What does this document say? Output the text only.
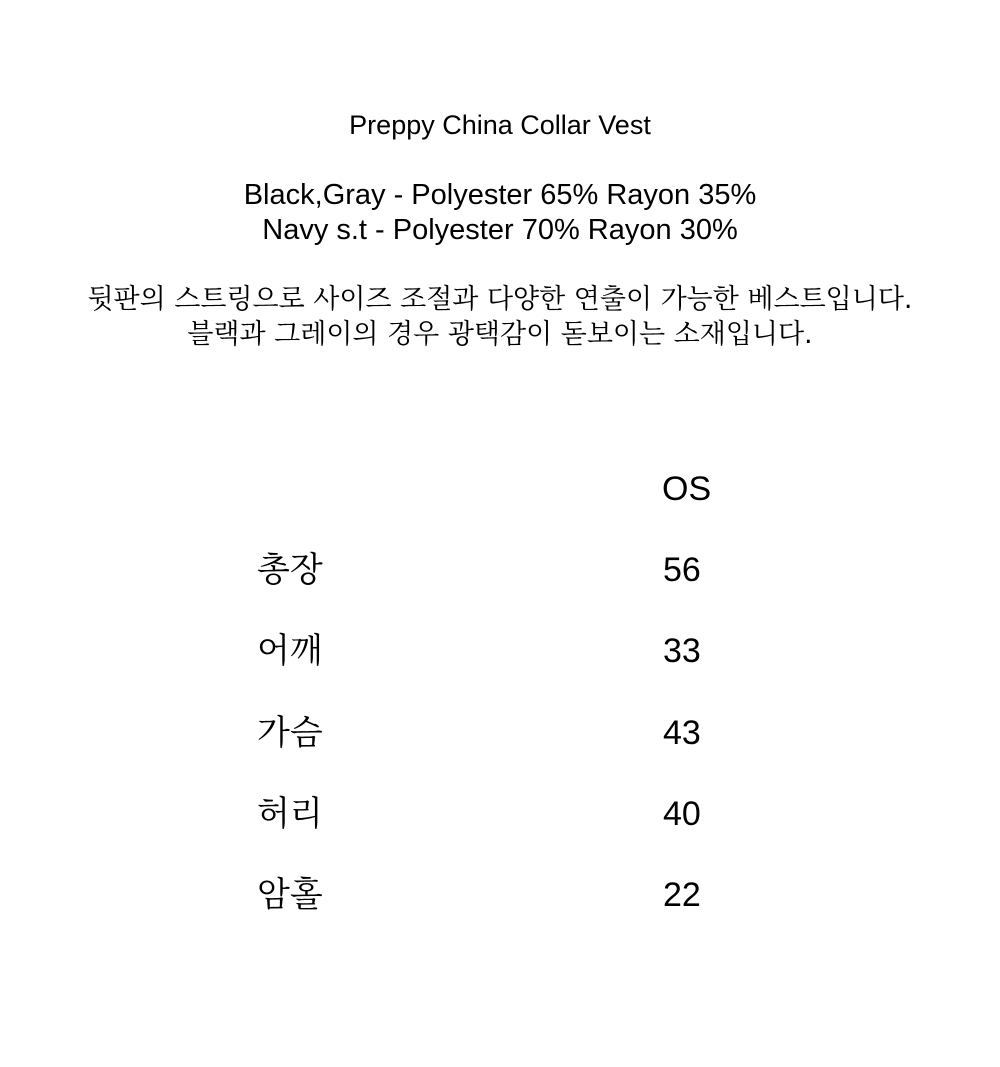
Preppy China Collar Vest
Black,Gray - Polyester 65% Rayon 35%
Navy s.t - Polyester 70% Rayon 30%
뒷판의 스트링으로 사이즈 조절과 다양한 연출이 가능한 베스트입니다.
블랙과 그레이의 경우 광택감이 돋보이는 소재입니다.
OS
총장	56
어깨	33
가슴	43
허리	40
암홀	22
